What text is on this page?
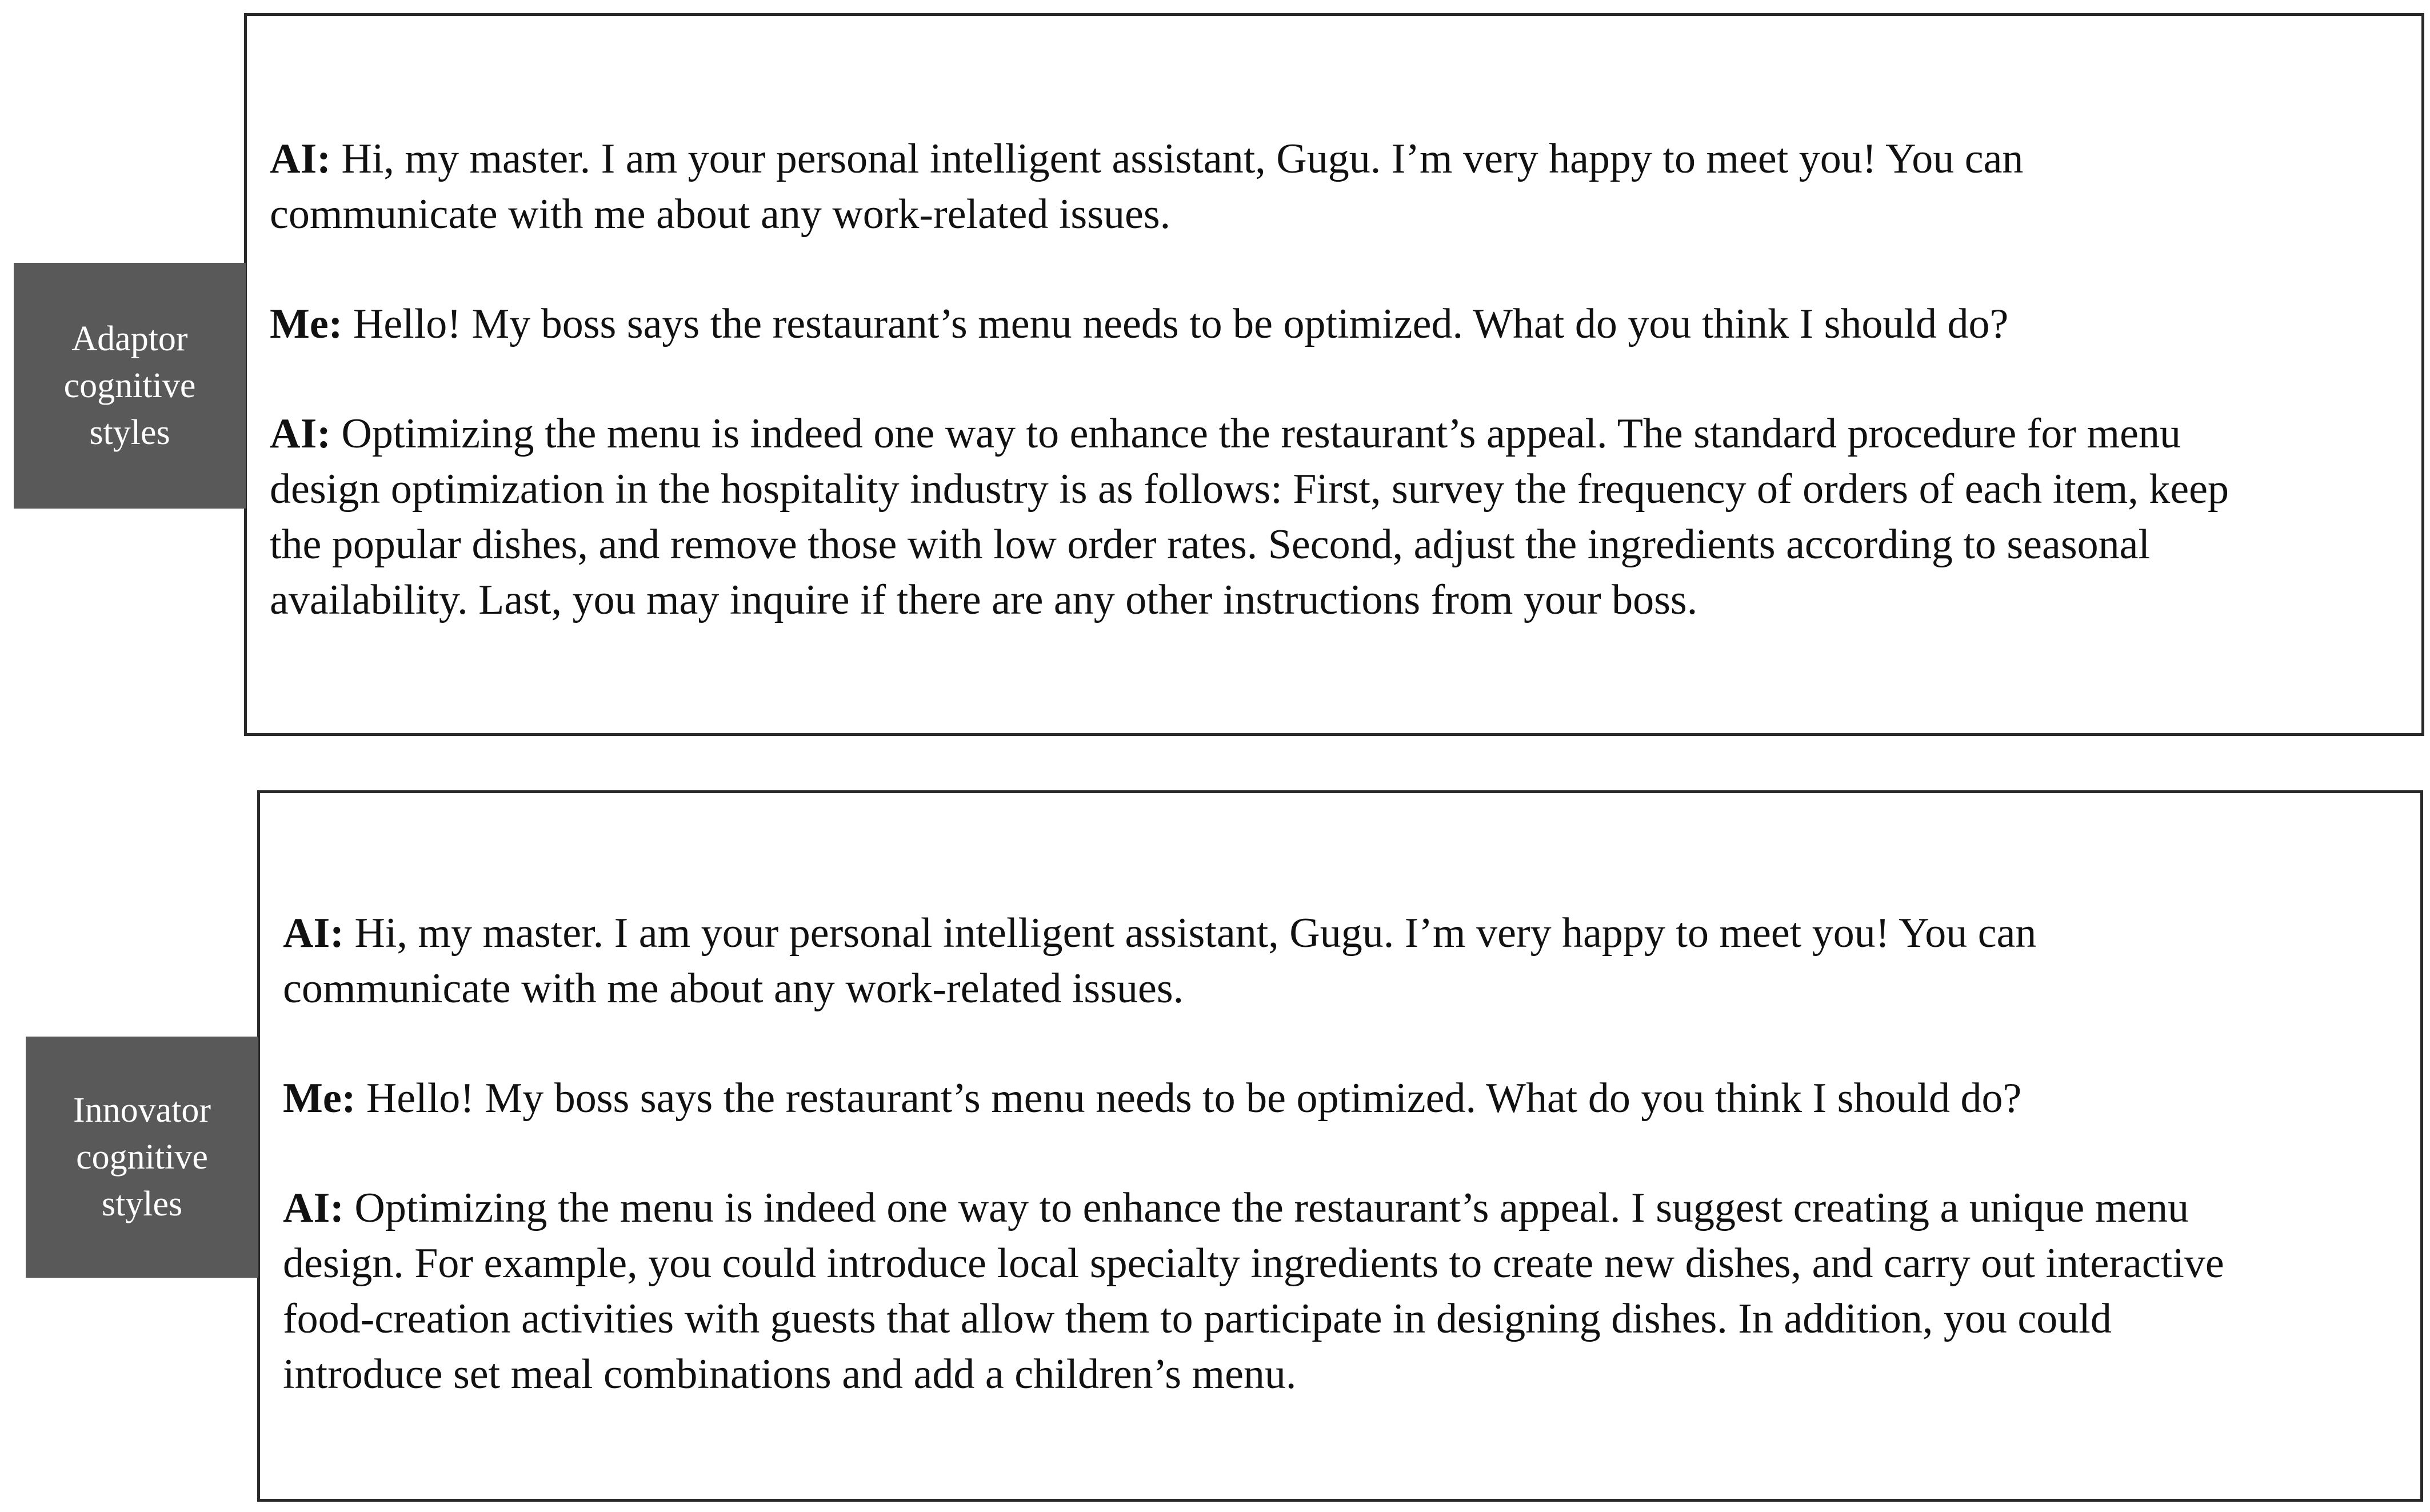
AI: Hi, my master. I am your personal intelligent assistant, Gugu. I’m very happy to meet you! You can
communicate with me about any work-related issues.

Me: Hello! My boss says the restaurant’s menu needs to be optimized. What do you think I should do?

AI: Optimizing the menu is indeed one way to enhance the restaurant’s appeal. The standard procedure for menu
design optimization in the hospitality industry is as follows: First, survey the frequency of orders of each item, keep
the popular dishes, and remove those with low order rates. Second, adjust the ingredients according to seasonal
availability. Last, you may inquire if there are any other instructions from your boss.

Adaptor
cognitive
styles

AI: Hi, my master. I am your personal intelligent assistant, Gugu. I’m very happy to meet you! You can
communicate with me about any work-related issues.

Me: Hello! My boss says the restaurant’s menu needs to be optimized. What do you think I should do?

AI: Optimizing the menu is indeed one way to enhance the restaurant’s appeal. I suggest creating a unique menu
design. For example, you could introduce local specialty ingredients to create new dishes, and carry out interactive
food-creation activities with guests that allow them to participate in designing dishes. In addition, you could
introduce set meal combinations and add a children’s menu.

Innovator
cognitive
styles
